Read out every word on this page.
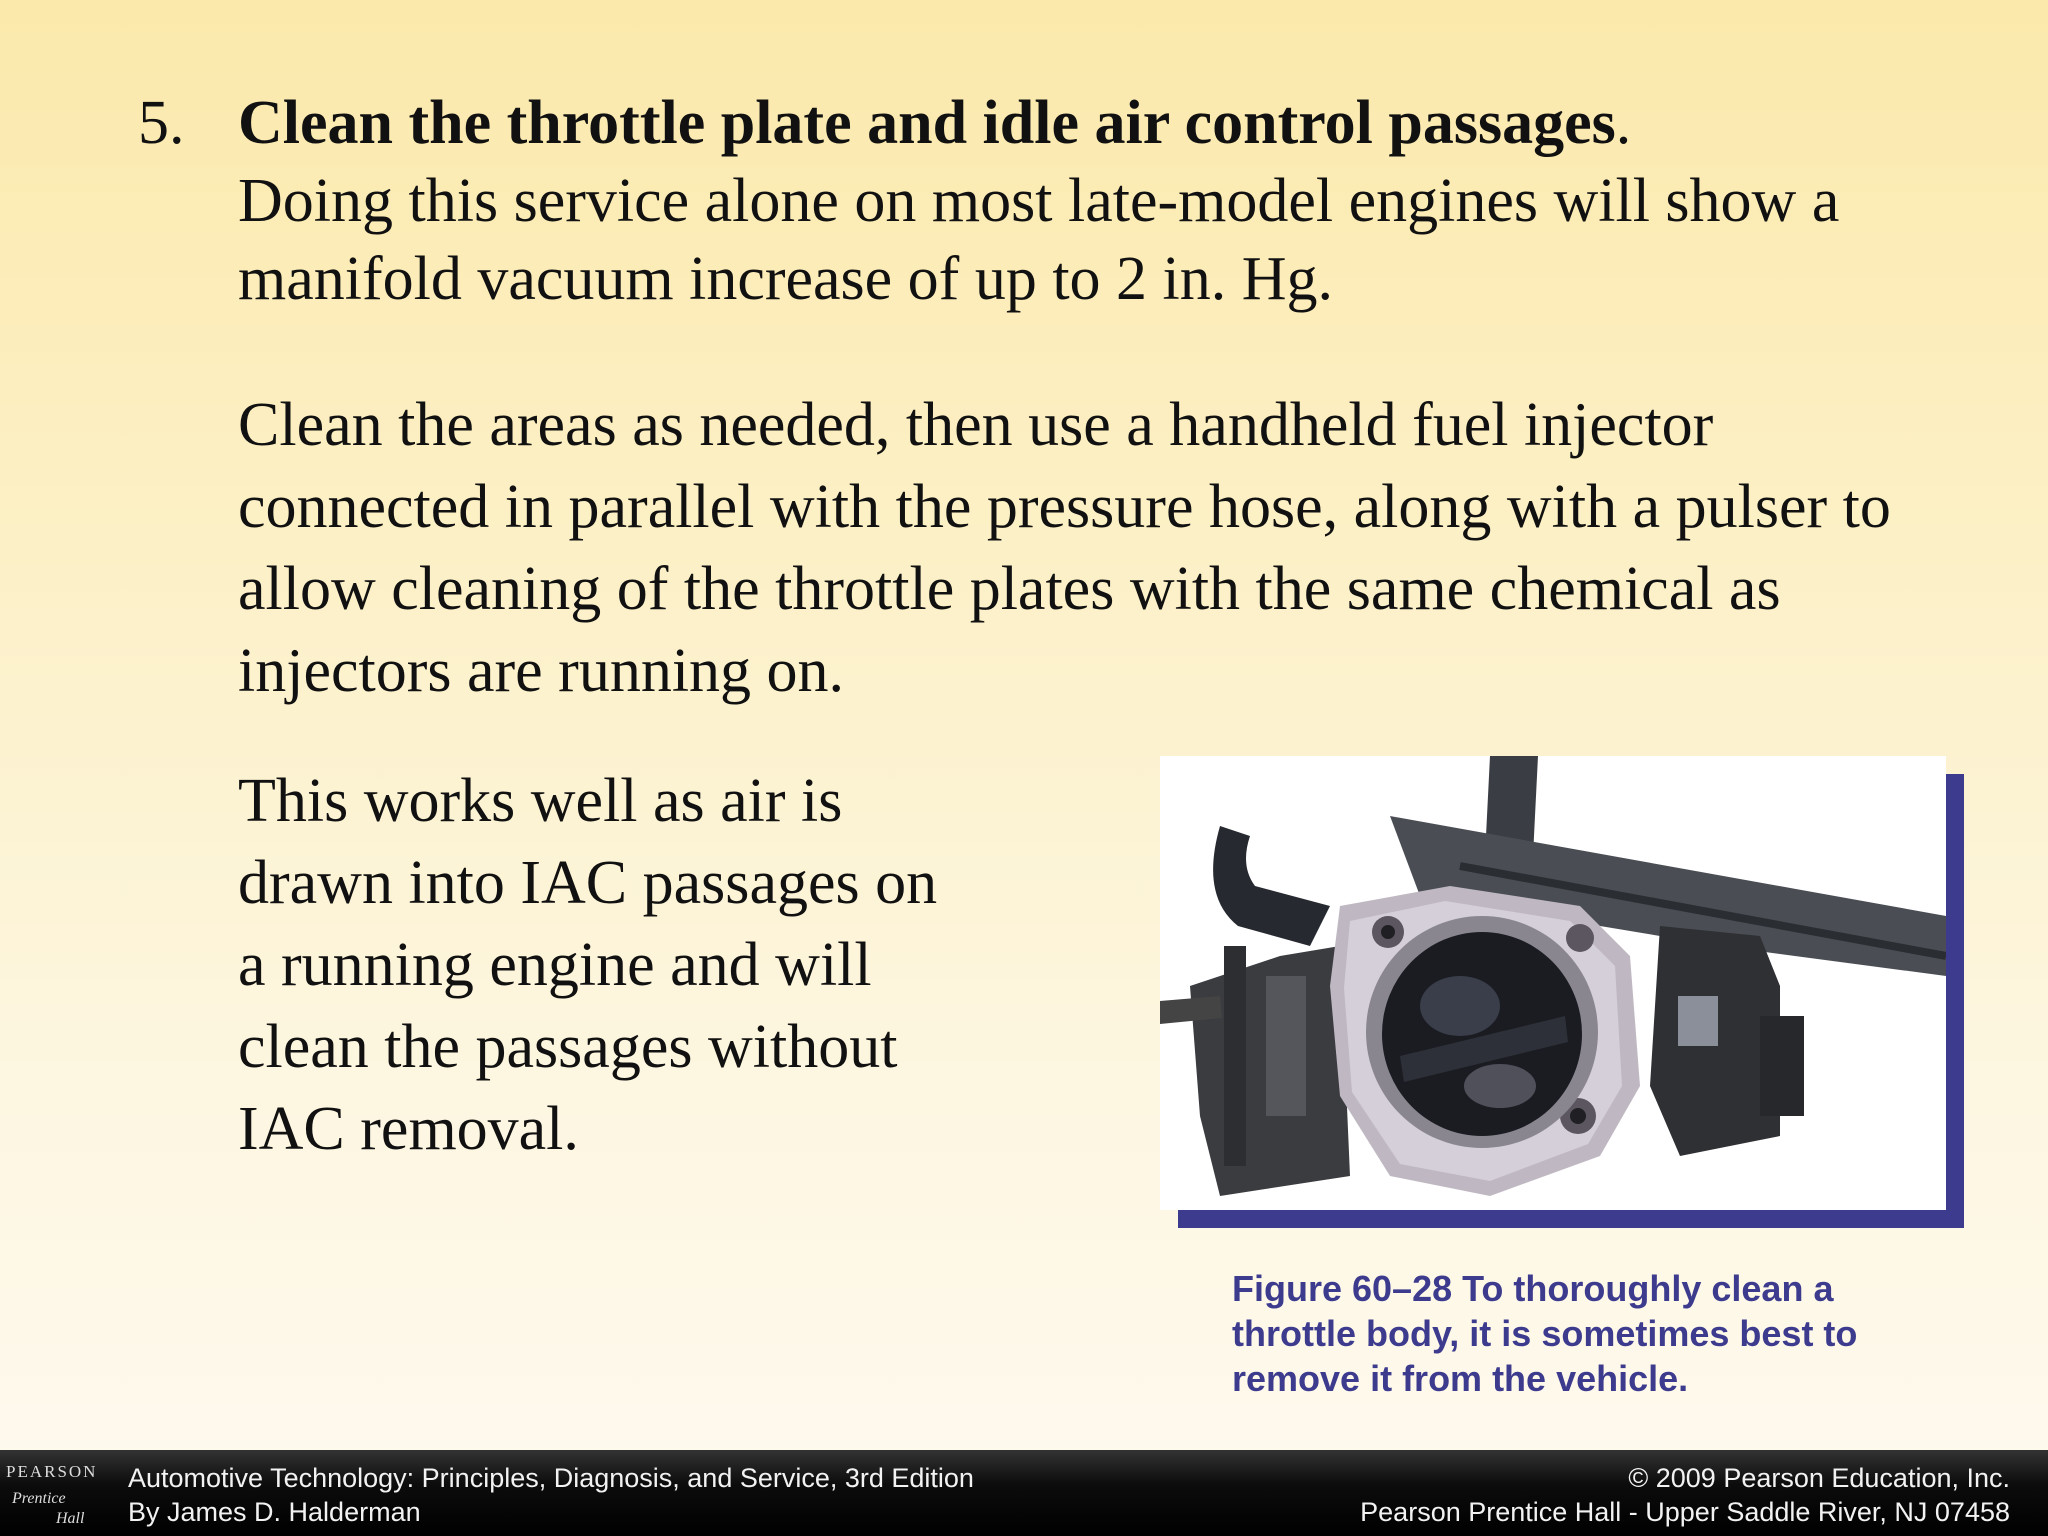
5. Clean the throttle plate and idle air control passages.
Doing this service alone on most late-model engines will show a manifold vacuum increase of up to 2 in. Hg.
Clean the areas as needed, then use a handheld fuel injector connected in parallel with the pressure hose, along with a pulser to allow cleaning of the throttle plates with the same chemical as injectors are running on.
This works well as air is drawn into IAC passages on a running engine and will clean the passages without IAC removal.
Figure 60–28 To thoroughly clean a throttle body, it is sometimes best to remove it from the vehicle.
PEARSON
Prentice
Hall
Automotive Technology: Principles, Diagnosis, and Service, 3rd Edition
By James D. Halderman
© 2009 Pearson Education, Inc.
Pearson Prentice Hall - Upper Saddle River, NJ 07458
